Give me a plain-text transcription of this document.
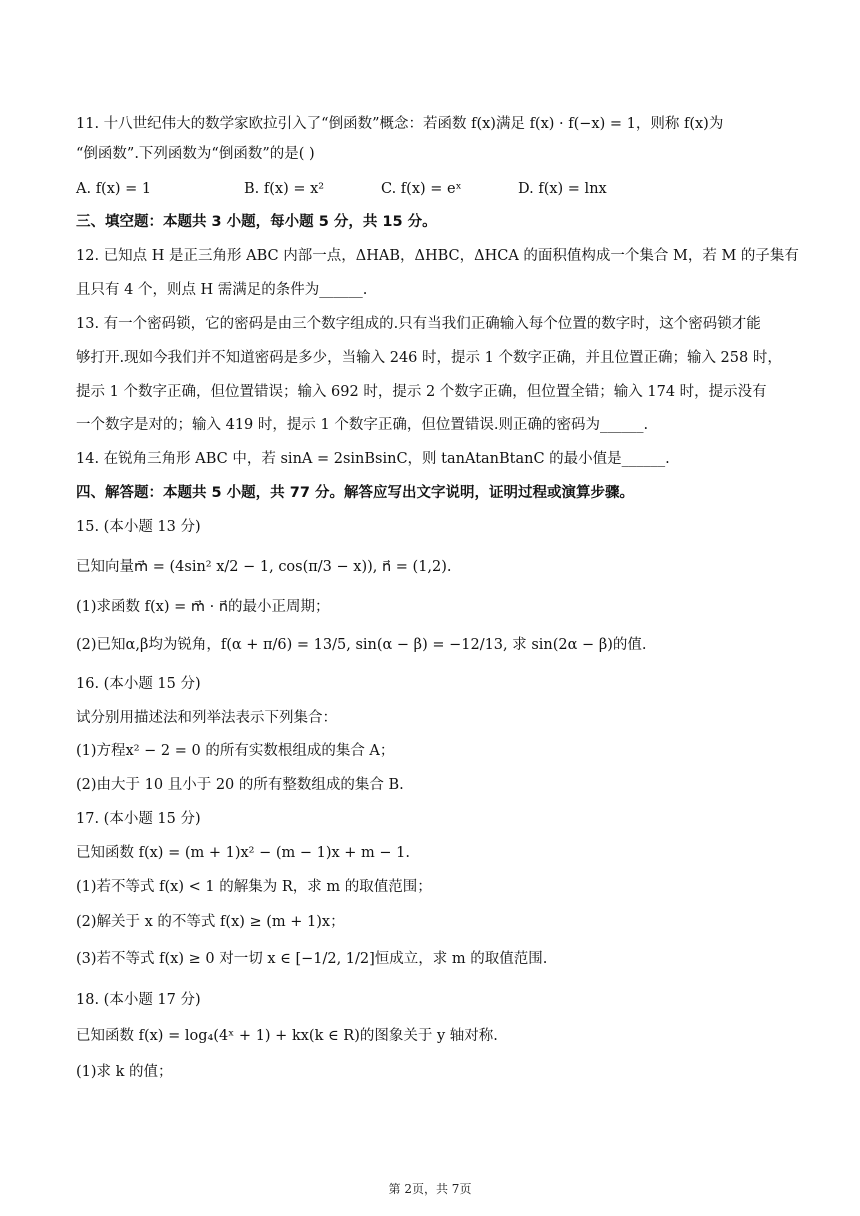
11. 十八世纪伟大的数学家欧拉引入了“倒函数”概念：若函数 f(x)满足 f(x) · f(−x) = 1，则称 f(x)为
“倒函数”.下列函数为“倒函数”的是( )
A. f(x) = 1	B. f(x) = x²	C. f(x) = eˣ	D. f(x) = lnx
三、填空题：本题共 3 小题，每小题 5 分，共 15 分。
12. 已知点 H 是正三角形 ABC 内部一点，ΔHAB，ΔHBC，ΔHCA 的面积值构成一个集合 M，若 M 的子集有
且只有 4 个，则点 H 需满足的条件为______.
13. 有一个密码锁，它的密码是由三个数字组成的.只有当我们正确输入每个位置的数字时，这个密码锁才能
够打开.现如今我们并不知道密码是多少，当输入 246 时，提示 1 个数字正确，并且位置正确；输入 258 时，
提示 1 个数字正确，但位置错误；输入 692 时，提示 2 个数字正确，但位置全错；输入 174 时，提示没有
一个数字是对的；输入 419 时，提示 1 个数字正确，但位置错误.则正确的密码为______.
14. 在锐角三角形 ABC 中，若 sinA = 2sinBsinC，则 tanAtanBtanC 的最小值是______.
四、解答题：本题共 5 小题，共 77 分。解答应写出文字说明，证明过程或演算步骤。
15. (本小题 13 分)
已知向量m⃗ = (4sin² x/2 − 1, cos(π/3 − x)), n⃗ = (1,2).
(1)求函数 f(x) = m⃗ · n⃗的最小正周期；
(2)已知α,β均为锐角，f(α + π/6) = 13/5, sin(α − β) = −12/13, 求 sin(2α − β)的值.
16. (本小题 15 分)
试分别用描述法和列举法表示下列集合：
(1)方程x² − 2 = 0 的所有实数根组成的集合 A；
(2)由大于 10 且小于 20 的所有整数组成的集合 B.
17. (本小题 15 分)
已知函数 f(x) = (m + 1)x² − (m − 1)x + m − 1.
(1)若不等式 f(x) < 1 的解集为 R，求 m 的取值范围；
(2)解关于 x 的不等式 f(x) ≥ (m + 1)x；
(3)若不等式 f(x) ≥ 0 对一切 x ∈ [−1/2, 1/2]恒成立，求 m 的取值范围.
18. (本小题 17 分)
已知函数 f(x) = log₄(4ˣ + 1) + kx(k ∈ R)的图象关于 y 轴对称.
(1)求 k 的值；
第 2页，共 7页
